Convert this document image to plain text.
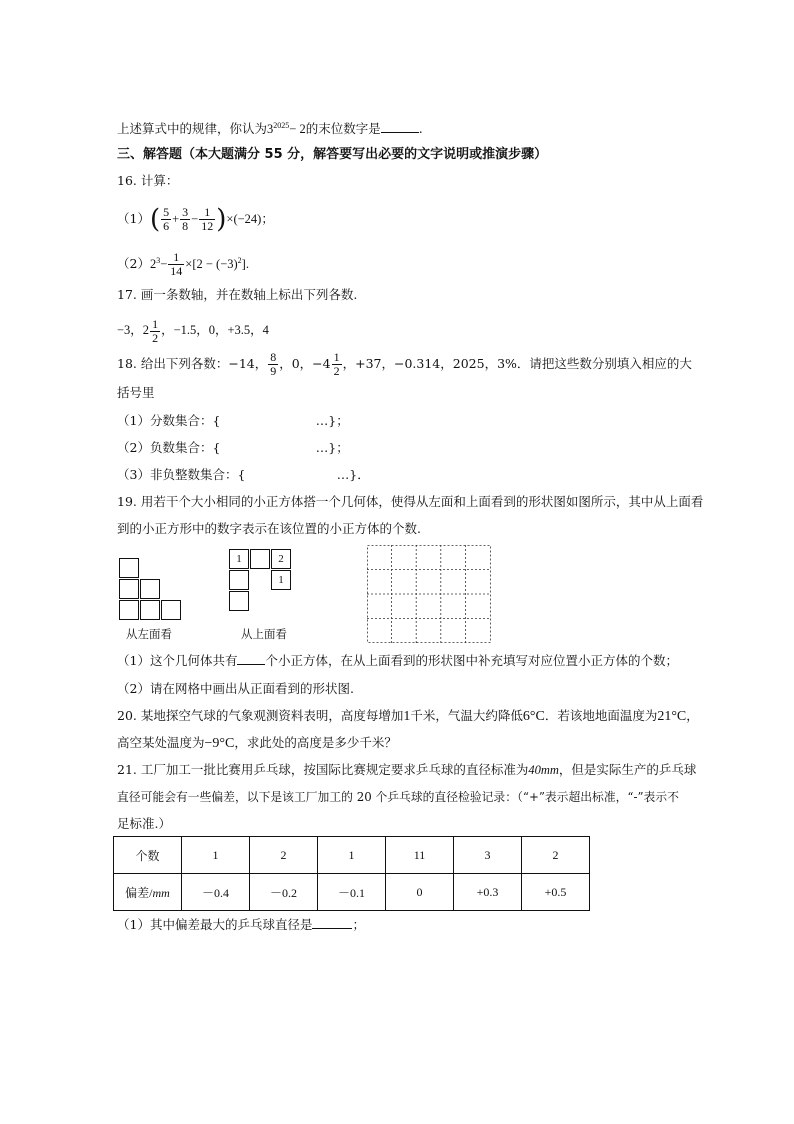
上述算式中的规律，你认为$3^{2025}- 2$的末位数字是	.
三、解答题（本大题满分 55 分，解答要写出必要的文字说明或推演步骤）
16. 计算：
$(1)( \frac{5}{6} + \frac{3}{8} - \frac{1}{12} )\times(-24)$；
$(2)2^3- \frac{1}{14} \times[2 - (-3)^2]$.
17. 画一条数轴，并在数轴上标出下列各数.
−3，$2 \frac{1}{2}$ ，−1.5，0，+3.5，4
18. 给出下列各数：−14， $\frac{8}{9}$ ，0，$-4 \frac{1}{2}$ ，+37，−0.314，2025，3%．请把这些数分别填入相应的大
括号里
（1）分数集合：{                        …}；
（2）负数集合：{                        …}；
（3）非负整数集合：{                       …}．
19. 用若干个大小相同的小正方体搭一个几何体，使得从左面和上面看到的形状图如图所示，其中从上面看
到的小正方形中的数字表示在该位置的小正方体的个数.
从左面看
1	2
1
从上面看
（1）这个几何体共有 个小正方体，在从上面看到的形状图中补充填写对应位置小正方体的个数；
（2）请在网格中画出从正面看到的形状图.
20. 某地探空气球的气象观测资料表明，高度每增加1千米，气温大约降低6°C．若该地地面温度为21°C，
高空某处温度为−9°C，求此处的高度是多少千米？
21. 工厂加工一批比赛用乒乓球，按国际比赛规定要求乒乓球的直径标准为40mm，但是实际生产的乒乓球
直径可能会有一些偏差，以下是该工厂加工的 20 个乒乓球的直径检验记录：（“+”表示超出标准，“-”表示不
足标准.）
个数	1	2	1	11	3	2
偏差/mm	－0.4	－0.2	－0.1	0	+0.3	+0.5
（1）其中偏差最大的乒乓球直径是	；
